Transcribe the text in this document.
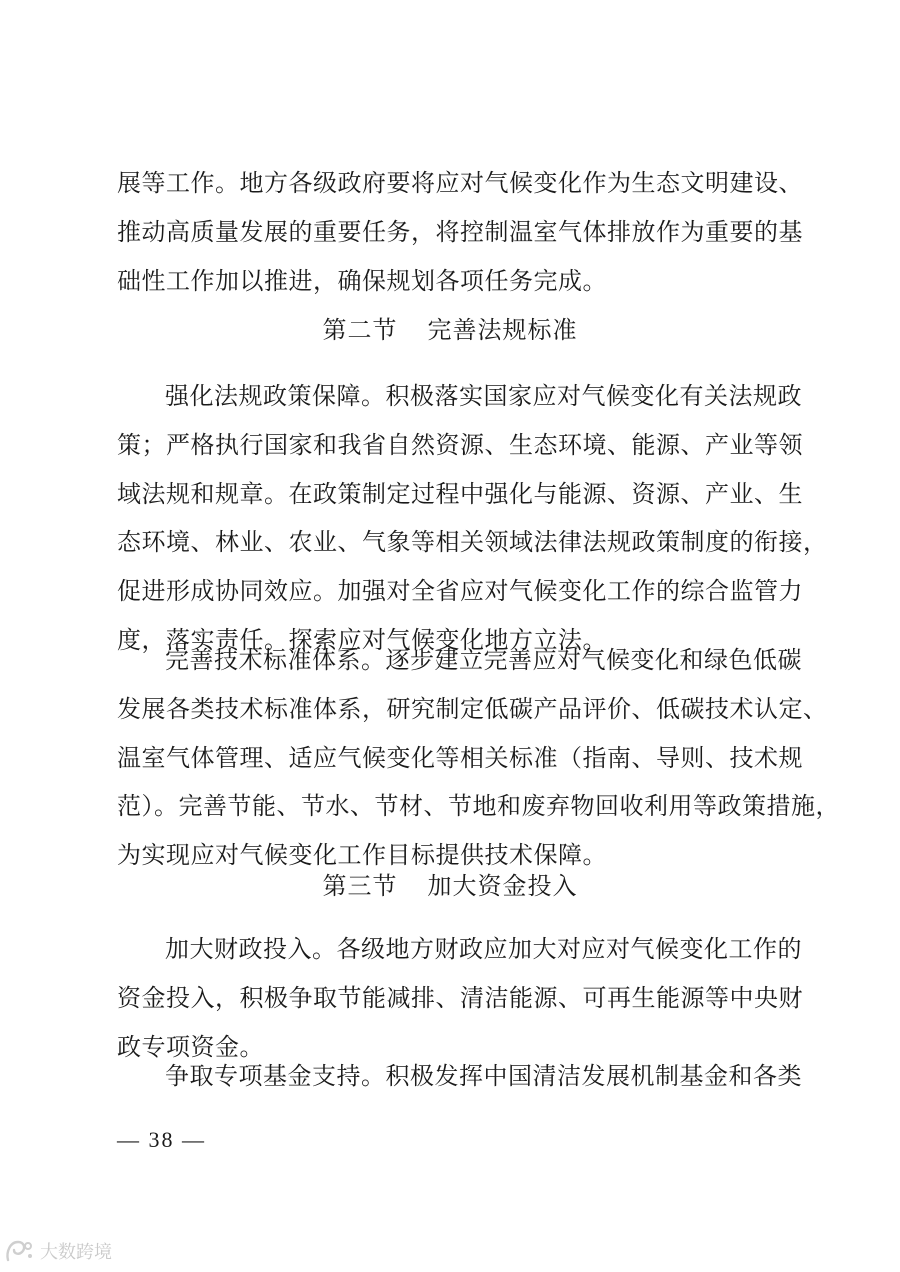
展等工作。地方各级政府要将应对气候变化作为生态文明建设、
推动高质量发展的重要任务，将控制温室气体排放作为重要的基
础性工作加以推进，确保规划各项任务完成。
第二节 完善法规标准
强化法规政策保障。积极落实国家应对气候变化有关法规政
策；严格执行国家和我省自然资源、生态环境、能源、产业等领
域法规和规章。在政策制定过程中强化与能源、资源、产业、生
态环境、林业、农业、气象等相关领域法律法规政策制度的衔接，
促进形成协同效应。加强对全省应对气候变化工作的综合监管力
度，落实责任。探索应对气候变化地方立法。
完善技术标准体系。逐步建立完善应对气候变化和绿色低碳
发展各类技术标准体系，研究制定低碳产品评价、低碳技术认定、
温室气体管理、适应气候变化等相关标准（指南、导则、技术规
范）。完善节能、节水、节材、节地和废弃物回收利用等政策措施，
为实现应对气候变化工作目标提供技术保障。
第三节 加大资金投入
加大财政投入。各级地方财政应加大对应对气候变化工作的
资金投入，积极争取节能减排、清洁能源、可再生能源等中央财
政专项资金。
争取专项基金支持。积极发挥中国清洁发展机制基金和各类
— 38 —
大数跨境
